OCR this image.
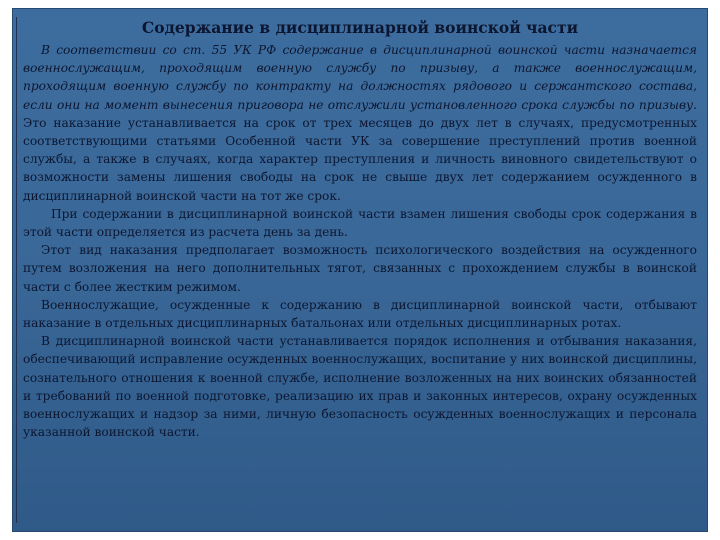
Содержание в дисциплинарной воинской части

В соответствии со ст. 55 УК РФ содержание в дисциплинарной воинской части назначается военнослужащим, проходящим военную службу по призыву, а также военнослужащим, проходящим военную службу по контракту на должностях рядового и сержантского состава, если они на момент вынесения приговора не отслужили установленного срока службы по призыву. Это наказание устанавливается на срок от трех месяцев до двух лет в случаях, предусмотренных соответствующими статьями Особенной части УК за совершение преступлений против военной службы, а также в случаях, когда характер преступления и личность виновного свидетельствуют о возможности замены лишения свободы на срок не свыше двух лет содержанием осужденного в дисциплинарной воинской части на тот же срок.

При содержании в дисциплинарной воинской части взамен лишения свободы срок содержания в этой части определяется из расчета день за день.

Этот вид наказания предполагает возможность психологического воздействия на осужденного путем возложения на него дополнительных тягот, связанных с прохождением службы в воинской части с более жестким режимом.

Военнослужащие, осужденные к содержанию в дисциплинарной воинской части, отбывают наказание в отдельных дисциплинарных батальонах или отдельных дисциплинарных ротах.

В дисциплинарной воинской части устанавливается порядок исполнения и отбывания наказания, обеспечивающий исправление осужденных военнослужащих, воспитание у них воинской дисциплины, сознательного отношения к военной службе, исполнение возложенных на них воинских обязанностей и требований по военной подготовке, реализацию их прав и законных интересов, охрану осужденных военнослужащих и надзор за ними, личную безопасность осужденных военнослужащих и персонала указанной воинской части.
